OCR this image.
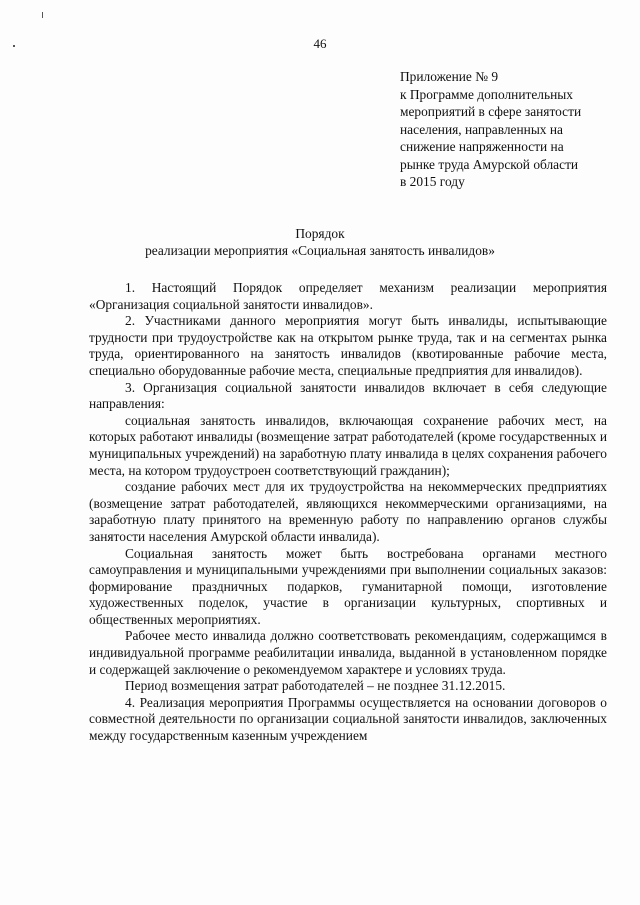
46
Приложение № 9
к Программе дополнительных
мероприятий в сфере занятости
населения, направленных на
снижение напряженности на
рынке труда Амурской области
в 2015 году
Порядок
реализации мероприятия «Социальная занятость инвалидов»

1. Настоящий Порядок определяет механизм реализации мероприятия «Организация социальной занятости инвалидов».

2. Участниками данного мероприятия могут быть инвалиды, испытывающие трудности при трудоустройстве как на открытом рынке труда, так и на сегментах рынка труда, ориентированного на занятость инвалидов (квотированные рабочие места, специально оборудованные рабочие места, специальные предприятия для инвалидов).

3. Организация социальной занятости инвалидов включает в себя следующие направления:

социальная занятость инвалидов, включающая сохранение рабочих мест, на которых работают инвалиды (возмещение затрат работодателей (кроме государственных и муниципальных учреждений) на заработную плату инвалида в целях сохранения рабочего места, на котором трудоустроен соответствующий гражданин);

создание рабочих мест для их трудоустройства на некоммерческих предприятиях (возмещение затрат работодателей, являющихся некоммерческими организациями, на заработную плату принятого на временную работу по направлению органов службы занятости населения Амурской области инвалида).

Социальная занятость может быть востребована органами местного самоуправления и муниципальными учреждениями при выполнении социальных заказов: формирование праздничных подарков, гуманитарной помощи, изготовление художественных поделок, участие в организации культурных, спортивных и общественных мероприятиях.

Рабочее место инвалида должно соответствовать рекомендациям, содержащимся в индивидуальной программе реабилитации инвалида, выданной в установленном порядке и содержащей заключение о рекомендуемом характере и условиях труда.

Период возмещения затрат работодателей – не позднее 31.12.2015.

4. Реализация мероприятия Программы осуществляется на основании договоров о совместной деятельности по организации социальной занятости инвалидов, заключенных между государственным казенным учреждением
